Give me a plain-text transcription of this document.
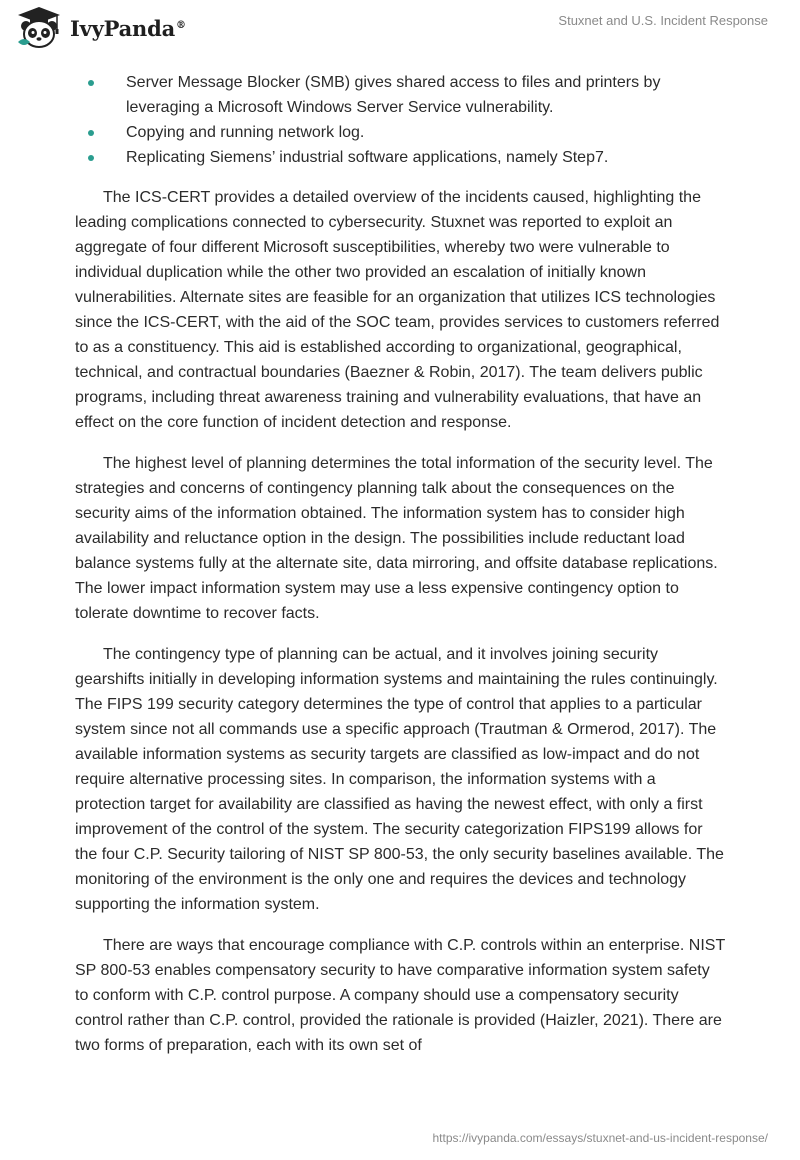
IvyPanda®	Stuxnet and U.S. Incident Response
Server Message Blocker (SMB) gives shared access to files and printers by leveraging a Microsoft Windows Server Service vulnerability.
Copying and running network log.
Replicating Siemens’ industrial software applications, namely Step7.

The ICS-CERT provides a detailed overview of the incidents caused, highlighting the leading complications connected to cybersecurity. Stuxnet was reported to exploit an aggregate of four different Microsoft susceptibilities, whereby two were vulnerable to individual duplication while the other two provided an escalation of initially known vulnerabilities. Alternate sites are feasible for an organization that utilizes ICS technologies since the ICS-CERT, with the aid of the SOC team, provides services to customers referred to as a constituency. This aid is established according to organizational, geographical, technical, and contractual boundaries (Baezner & Robin, 2017). The team delivers public programs, including threat awareness training and vulnerability evaluations, that have an effect on the core function of incident detection and response.

The highest level of planning determines the total information of the security level. The strategies and concerns of contingency planning talk about the consequences on the security aims of the information obtained. The information system has to consider high availability and reluctance option in the design. The possibilities include reductant load balance systems fully at the alternate site, data mirroring, and offsite database replications. The lower impact information system may use a less expensive contingency option to tolerate downtime to recover facts.

The contingency type of planning can be actual, and it involves joining security gearshifts initially in developing information systems and maintaining the rules continuingly. The FIPS 199 security category determines the type of control that applies to a particular system since not all commands use a specific approach (Trautman & Ormerod, 2017). The available information systems as security targets are classified as low-impact and do not require alternative processing sites. In comparison, the information systems with a protection target for availability are classified as having the newest effect, with only a first improvement of the control of the system. The security categorization FIPS199 allows for the four C.P. Security tailoring of NIST SP 800-53, the only security baselines available. The monitoring of the environment is the only one and requires the devices and technology supporting the information system.

There are ways that encourage compliance with C.P. controls within an enterprise. NIST SP 800-53 enables compensatory security to have comparative information system safety to conform with C.P. control purpose. A company should use a compensatory security control rather than C.P. control, provided the rationale is provided (Haizler, 2021). There are two forms of preparation, each with its own set of

https://ivypanda.com/essays/stuxnet-and-us-incident-response/
